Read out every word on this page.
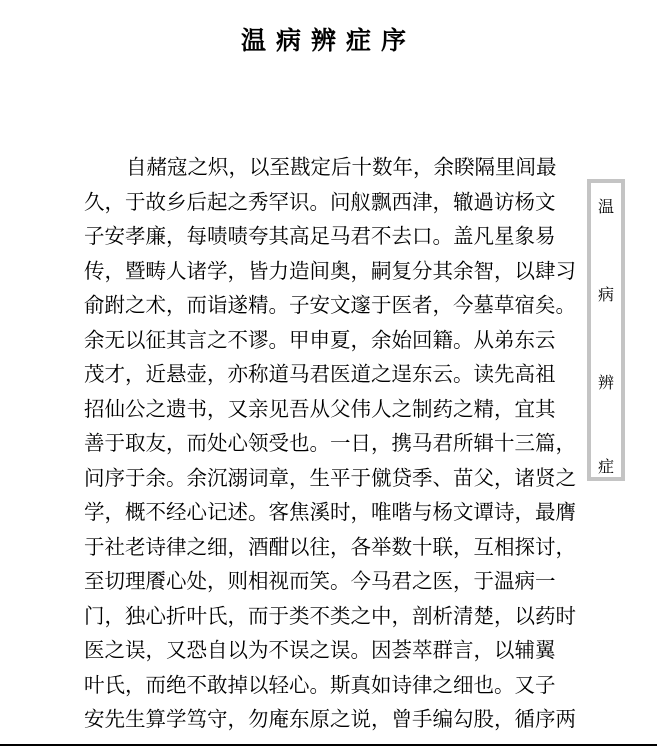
温病辨症序
自赭寇之炽，以至戡定后十数年，余睽隔里闾最
久，于故乡后起之秀罕识。问舣飘西津，辙過访杨文
子安孝廉，每啧啧夸其高足马君不去口。盖凡星象易
传，暨畴人诸学，皆力造间奥，嗣复分其余智，以肆习
俞跗之术，而诣遂精。子安文邃于医者，今墓草宿矣。
余无以征其言之不谬。甲申夏，余始回籍。从弟东云
茂才，近悬壶，亦称道马君医道之逞东云。读先高祖
招仙公之遗书，又亲见吾从父伟人之制药之精，宜其
善于取友，而处心领受也。一日，携马君所辑十三篇，
问序于余。余沉溺词章，生平于僦贷季、苗父，诸贤之
学，概不经心记述。客焦溪时，唯喈与杨文谭诗，最膺
于社老诗律之细，酒酣以往，各举数十联，互相探讨，
至切理餍心处，则相视而笑。今马君之医，于温病一
门，独心折叶氏，而于类不类之中，剖析清楚，以药时
医之误，又恐自以为不误之误。因荟萃群言，以辅翼
叶氏，而绝不敢掉以轻心。斯真如诗律之细也。又子
安先生算学笃守，勿庵东原之说，曾手编勾股，循序两
温
病
辨
症
